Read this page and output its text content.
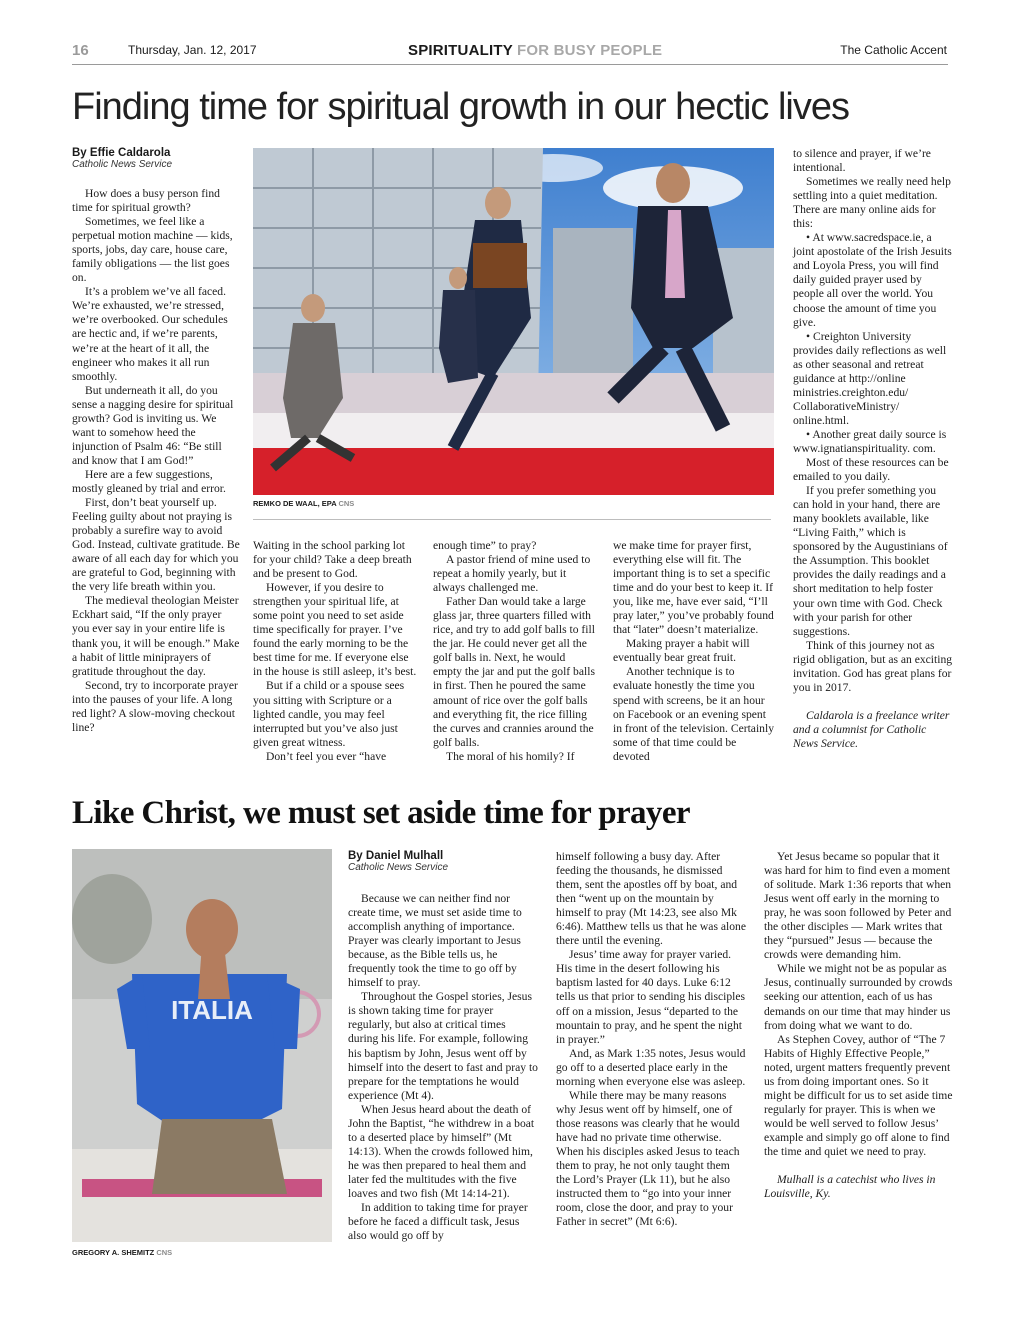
16	Thursday, Jan. 12, 2017	SPIRITUALITY FOR BUSY PEOPLE	The Catholic Accent
Finding time for spiritual growth in our hectic lives
By Effie Caldarola
Catholic News Service
REMKO DE WAAL, EPA CNS

How does a busy person find time for spiritual growth?

Sometimes, we feel like a perpetual motion machine — kids, sports, jobs, day care, house care, family obligations — the list goes on.

It’s a problem we’ve all faced. We’re exhausted, we’re stressed, we’re overbooked. Our schedules are hectic and, if we’re parents, we’re at the heart of it all, the engineer who makes it all run smoothly.

But underneath it all, do you sense a nagging desire for spiritual growth? God is inviting us. We want to somehow heed the injunction of Psalm 46: “Be still and know that I am God!”

Here are a few suggestions, mostly gleaned by trial and error.

First, don’t beat yourself up. Feeling guilty about not praying is probably a surefire way to avoid God. Instead, cultivate gratitude. Be aware of all each day for which you are grateful to God, beginning with the very life breath within you.

The medieval theologian Meister Eckhart said, “If the only prayer you ever say in your entire life is thank you, it will be enough.” Make a habit of little miniprayers of gratitude throughout the day.

Second, try to incorporate prayer into the pauses of your life. A long red light? A slow-moving checkout line?

Waiting in the school parking lot for your child? Take a deep breath and be present to God.

However, if you desire to strengthen your spiritual life, at some point you need to set aside time specifically for prayer. I’ve found the early morning to be the best time for me. If everyone else in the house is still asleep, it’s best.

But if a child or a spouse sees you sitting with Scripture or a lighted candle, you may feel interrupted but you’ve also just given great witness.

Don’t feel you ever “have

enough time” to pray?

A pastor friend of mine used to repeat a homily yearly, but it always challenged me.

Father Dan would take a large glass jar, three quarters filled with rice, and try to add golf balls to fill the jar. He could never get all the golf balls in. Next, he would empty the jar and put the golf balls in first. Then he poured the same amount of rice over the golf balls and everything fit, the rice filling the curves and crannies around the golf balls.

The moral of his homily? If

we make time for prayer first, everything else will fit. The important thing is to set a specific time and do your best to keep it. If you, like me, have ever said, “I’ll pray later,” you’ve probably found that “later” doesn’t materialize.

Making prayer a habit will eventually bear great fruit.

Another technique is to evaluate honestly the time you spend with screens, be it an hour on Facebook or an evening spent in front of the television. Certainly some of that time could be devoted

to silence and prayer, if we’re intentional.

Sometimes we really need help settling into a quiet meditation. There are many online aids for this:

• At www.sacredspace.ie, a joint apostolate of the Irish Jesuits and Loyola Press, you will find daily guided prayer used by people all over the world. You choose the amount of time you give.

• Creighton University provides daily reflections as well as other seasonal and retreat guidance at http://online ministries.creighton.edu/ CollaborativeMinistry/ online.html.

• Another great daily source is www.ignatianspirituality. com.

Most of these resources can be emailed to you daily.

If you prefer something you can hold in your hand, there are many booklets available, like “Living Faith,” which is sponsored by the Augustinians of the Assumption. This booklet provides the daily readings and a short meditation to help foster your own time with God. Check with your parish for other suggestions.

Think of this journey not as rigid obligation, but as an exciting invitation. God has great plans for you in 2017.

Caldarola is a freelance writer and a columnist for Catholic News Service.

Like Christ, we must set aside time for prayer
ITALIA
GREGORY A. SHEMITZ CNS
By Daniel Mulhall
Catholic News Service

Because we can neither find nor create time, we must set aside time to accomplish anything of importance. Prayer was clearly important to Jesus because, as the Bible tells us, he frequently took the time to go off by himself to pray.

Throughout the Gospel stories, Jesus is shown taking time for prayer regularly, but also at critical times during his life. For example, following his baptism by John, Jesus went off by himself into the desert to fast and pray to prepare for the temptations he would experience (Mt 4).

When Jesus heard about the death of John the Baptist, “he withdrew in a boat to a deserted place by himself” (Mt 14:13). When the crowds followed him, he was then prepared to heal them and later fed the multitudes with the five loaves and two fish (Mt 14:14-21).

In addition to taking time for prayer before he faced a difficult task, Jesus also would go off by

himself following a busy day. After feeding the thousands, he dismissed them, sent the apostles off by boat, and then “went up on the mountain by himself to pray (Mt 14:23, see also Mk 6:46). Matthew tells us that he was alone there until the evening.

Jesus’ time away for prayer varied. His time in the desert following his baptism lasted for 40 days. Luke 6:12 tells us that prior to sending his disciples off on a mission, Jesus “departed to the mountain to pray, and he spent the night in prayer.”

And, as Mark 1:35 notes, Jesus would go off to a deserted place early in the morning when everyone else was asleep.

While there may be many reasons why Jesus went off by himself, one of those reasons was clearly that he would have had no private time otherwise. When his disciples asked Jesus to teach them to pray, he not only taught them the Lord’s Prayer (Lk 11), but he also instructed them to “go into your inner room, close the door, and pray to your Father in secret” (Mt 6:6).

Yet Jesus became so popular that it was hard for him to find even a moment of solitude. Mark 1:36 reports that when Jesus went off early in the morning to pray, he was soon followed by Peter and the other disciples — Mark writes that they “pursued” Jesus — because the crowds were demanding him.

While we might not be as popular as Jesus, continually surrounded by crowds seeking our attention, each of us has demands on our time that may hinder us from doing what we want to do.

As Stephen Covey, author of “The 7 Habits of Highly Effective People,” noted, urgent matters frequently prevent us from doing important ones. So it might be difficult for us to set aside time regularly for prayer. This is when we would be well served to follow Jesus’ example and simply go off alone to find the time and quiet we need to pray.

Mulhall is a catechist who lives in Louisville, Ky.
